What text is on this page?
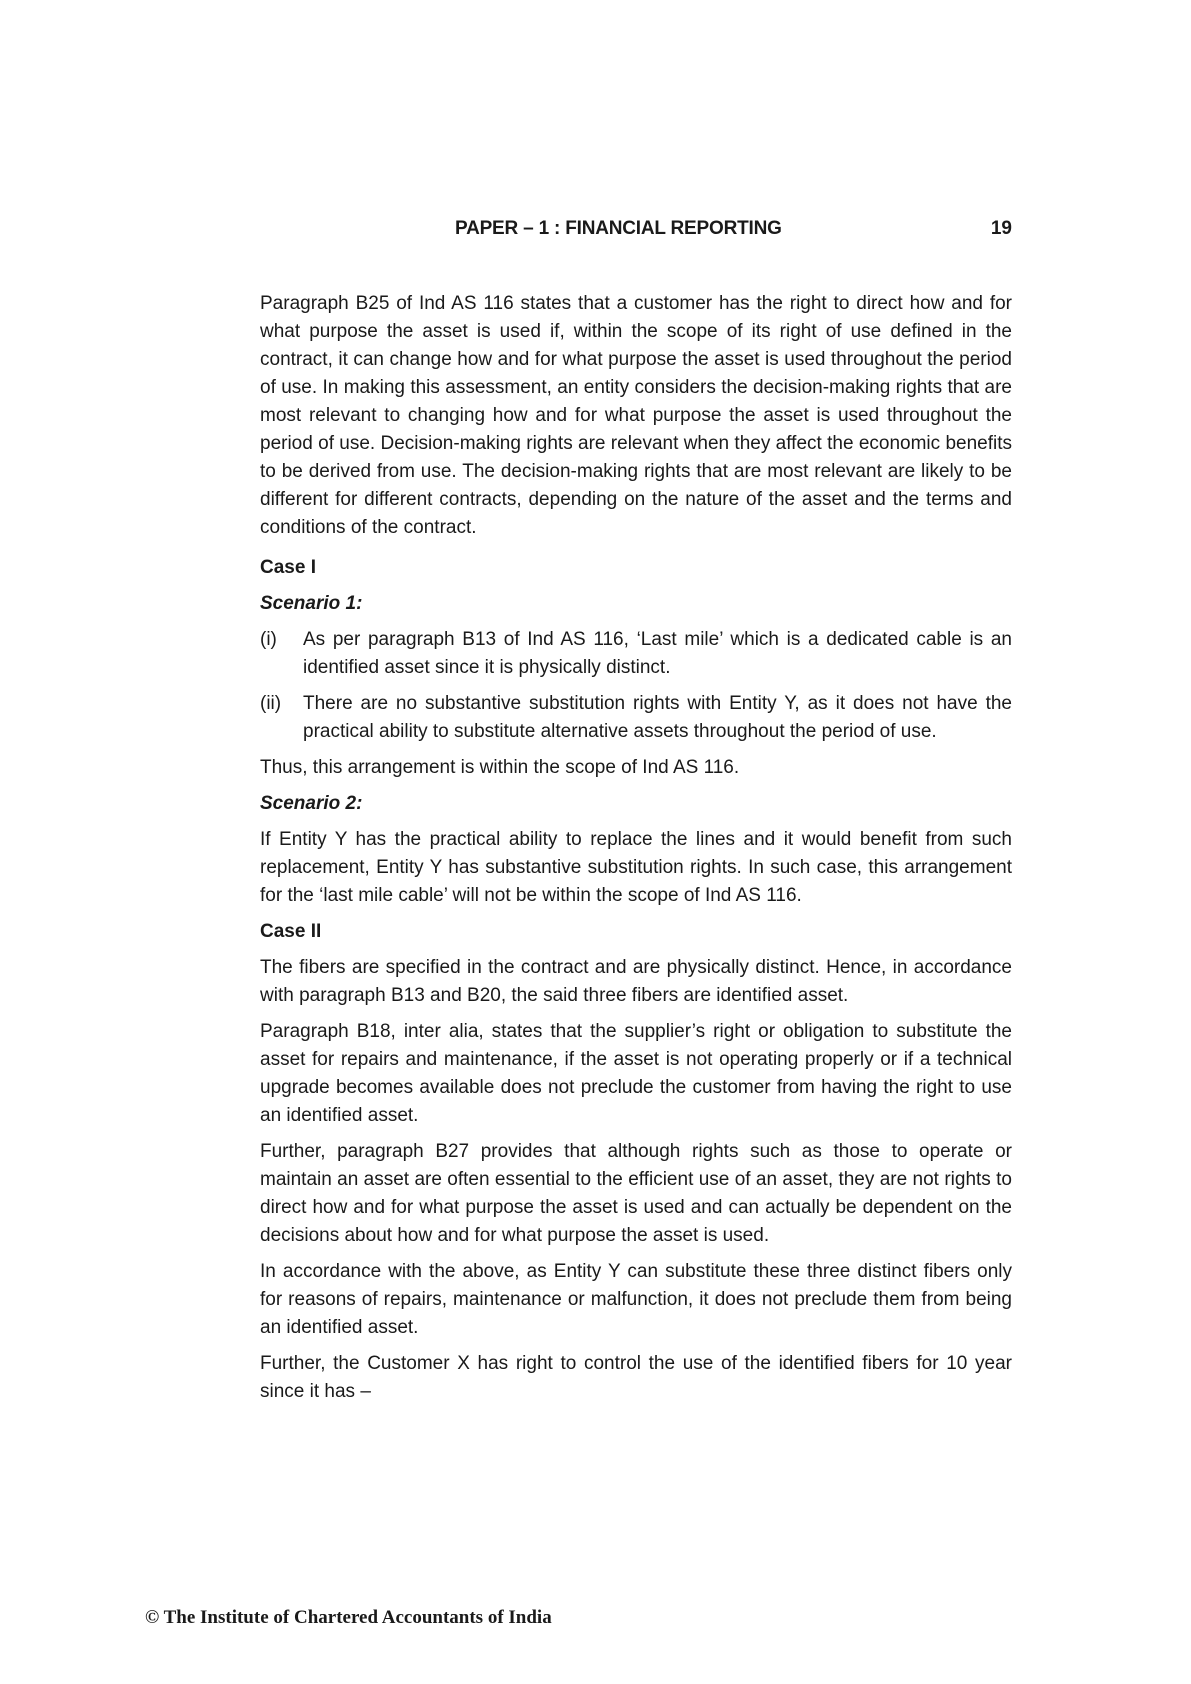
PAPER – 1 : FINANCIAL REPORTING	19

Paragraph B25 of Ind AS 116 states that a customer has the right to direct how and for what purpose the asset is used if, within the scope of its right of use defined in the contract, it can change how and for what purpose the asset is used throughout the period of use. In making this assessment, an entity considers the decision-making rights that are most relevant to changing how and for what purpose the asset is used throughout the period of use. Decision-making rights are relevant when they affect the economic benefits to be derived from use. The decision-making rights that are most relevant are likely to be different for different contracts, depending on the nature of the asset and the terms and conditions of the contract.

Case I
Scenario 1:
(i) As per paragraph B13 of Ind AS 116, ‘Last mile’ which is a dedicated cable is an identified asset since it is physically distinct.
(ii) There are no substantive substitution rights with Entity Y, as it does not have the practical ability to substitute alternative assets throughout the period of use.

Thus, this arrangement is within the scope of Ind AS 116.

Scenario 2:

If Entity Y has the practical ability to replace the lines and it would benefit from such replacement, Entity Y has substantive substitution rights. In such case, this arrangement for the ‘last mile cable’ will not be within the scope of Ind AS 116.

Case II

The fibers are specified in the contract and are physically distinct. Hence, in accordance with paragraph B13 and B20, the said three fibers are identified asset.

Paragraph B18, inter alia, states that the supplier’s right or obligation to substitute the asset for repairs and maintenance, if the asset is not operating properly or if a technical upgrade becomes available does not preclude the customer from having the right to use an identified asset.

Further, paragraph B27 provides that although rights such as those to operate or maintain an asset are often essential to the efficient use of an asset, they are not rights to direct how and for what purpose the asset is used and can actually be dependent on the decisions about how and for what purpose the asset is used.

In accordance with the above, as Entity Y can substitute these three distinct fibers only for reasons of repairs, maintenance or malfunction, it does not preclude them from being an identified asset.

Further, the Customer X has right to control the use of the identified fibers for 10 year since it has –

© The Institute of Chartered Accountants of India
